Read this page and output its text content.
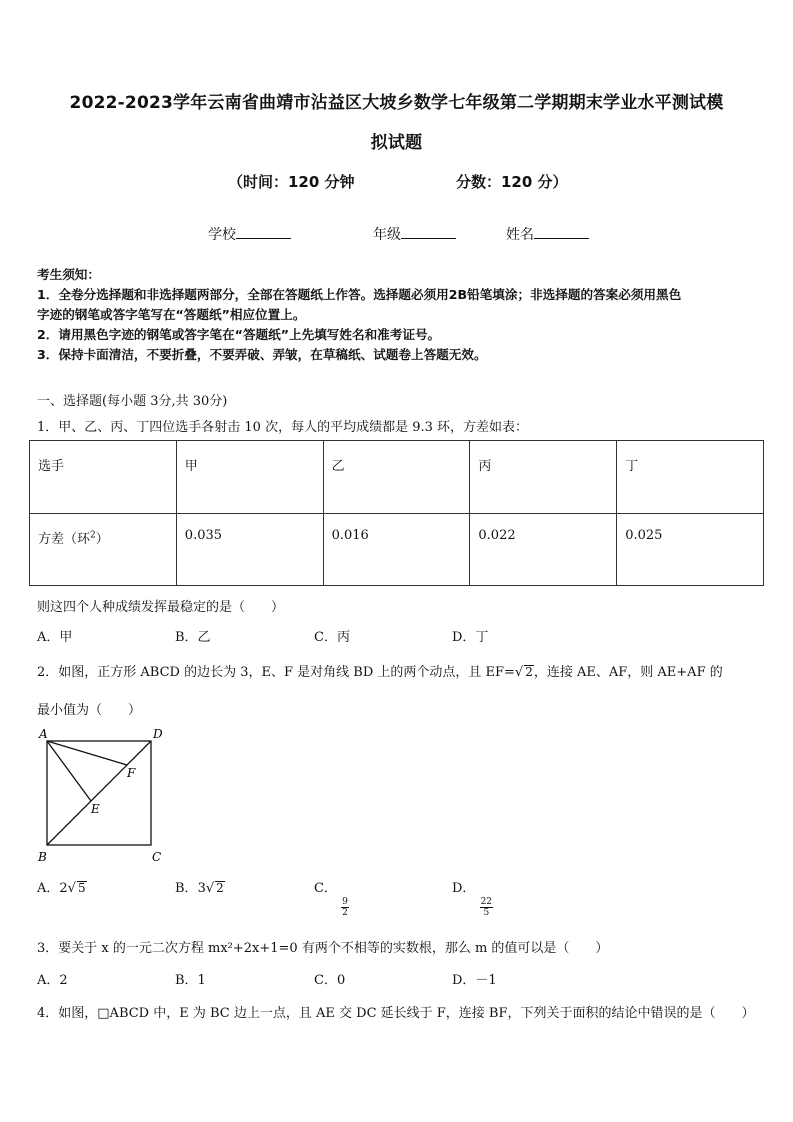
2022-2023学年云南省曲靖市沾益区大坡乡数学七年级第二学期期末学业水平测试模
拟试题
（时间：120 分钟	分数：120 分）
学校	年级	姓名
考生须知：
1．全卷分选择题和非选择题两部分，全部在答题纸上作答。选择题必须用2B铅笔填涂；非选择题的答案必须用黑色
字迹的钢笔或答字笔写在“答题纸”相应位置上。
2．请用黑色字迹的钢笔或答字笔在“答题纸”上先填写姓名和准考证号。
3．保持卡面清洁，不要折叠，不要弄破、弄皱，在草稿纸、试题卷上答题无效。
一、选择题(每小题 3分,共 30分)
1．甲、乙、丙、丁四位选手各射击 10 次，每人的平均成绩都是 9.3 环，方差如表：
选手	甲	乙	丙	丁
方差（环$^2$）	0.035	0.016	0.022	0.025
则这四个人种成绩发挥最稳定的是（　　）
A．甲	B．乙	C．丙	D．丁
2．如图，正方形 ABCD 的边长为 3，E、F 是对角线 BD 上的两个动点，且 EF=√ 2，连接 AE、AF，则 AE+AF 的
最小值为（　　）
A	D
F
E
B	C
A．2√ 5	B．3√ 2	C．
$\frac{9}{2}$
D．
$\frac{22}{5}$
3．要关于 x 的一元二次方程 mx²+2x+1=0 有两个不相等的实数根，那么 m 的值可以是（　　）
A．2	B．1	C．0	D．－1
4．如图，□ABCD 中，E 为 BC 边上一点，且 AE 交 DC 延长线于 F，连接 BF，下列关于面积的结论中错误的是（　　）
